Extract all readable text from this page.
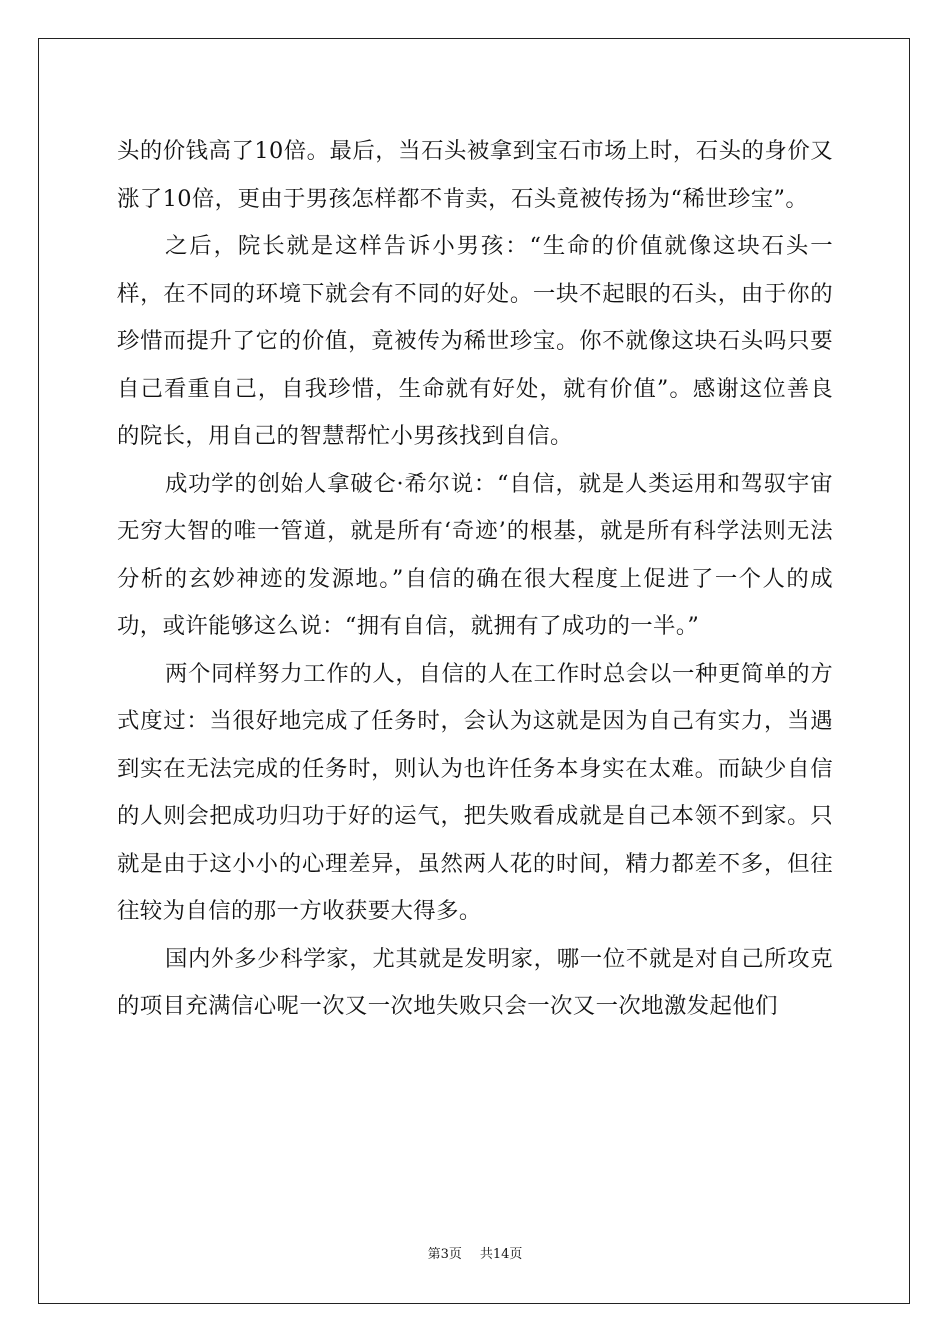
头的价钱高了10倍。最后，当石头被拿到宝石市场上时，石头的身价又涨了10倍，更由于男孩怎样都不肯卖，石头竟被传扬为“稀世珍宝”。

之后，院长就是这样告诉小男孩：“生命的价值就像这块石头一样，在不同的环境下就会有不同的好处。一块不起眼的石头，由于你的珍惜而提升了它的价值，竟被传为稀世珍宝。你不就像这块石头吗只要自己看重自己，自我珍惜，生命就有好处，就有价值”。感谢这位善良的院长，用自己的智慧帮忙小男孩找到自信。

成功学的创始人拿破仑·希尔说：“自信，就是人类运用和驾驭宇宙无穷大智的唯一管道，就是所有‘奇迹’的根基，就是所有科学法则无法分析的玄妙神迹的发源地。”自信的确在很大程度上促进了一个人的成功，或许能够这么说：“拥有自信，就拥有了成功的一半。”

两个同样努力工作的人，自信的人在工作时总会以一种更简单的方式度过：当很好地完成了任务时，会认为这就是因为自己有实力，当遇到实在无法完成的任务时，则认为也许任务本身实在太难。而缺少自信的人则会把成功归功于好的运气，把失败看成就是自己本领不到家。只就是由于这小小的心理差异，虽然两人花的时间，精力都差不多，但往往较为自信的那一方收获要大得多。

国内外多少科学家，尤其就是发明家，哪一位不就是对自己所攻克的项目充满信心呢一次又一次地失败只会一次又一次地激发起他们

第3页 共14页
